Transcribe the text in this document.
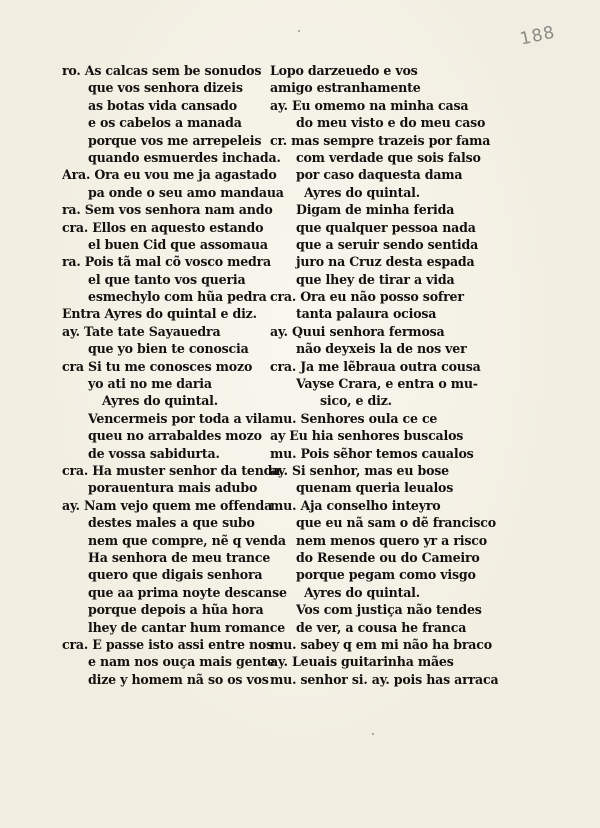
188
ro. As calcas sem be sonudos
que vos senhora dizeis
as botas vida cansado
e os cabelos a manada
porque vos me arrepeleis
quando esmuerdes inchada.
Ara. Ora eu vou me ja agastado
pa onde o seu amo mandaua
ra. Sem vos senhora nam ando
cra. Ellos en aquesto estando
el buen Cid que assomaua
ra. Pois tã mal cõ vosco medra
el que tanto vos queria
esmechylo com hũa pedra
Entra Ayres do quintal e diz.
ay. Tate tate Sayauedra
que yo bien te conoscia
cra Si tu me conosces mozo
yo ati no me daria
Ayres do quintal.
Vencermeis por toda a vila
queu no arrabaldes mozo
de vossa sabidurta.
cra. Ha muster senhor da tenda
porauentura mais adubo
ay. Nam vejo quem me offenda
destes males a que subo
nem que compre, nẽ q venda
Ha senhora de meu trance
quero que digais senhora
que aa prima noyte descanse
porque depois a hũa hora
lhey de cantar hum romance
cra. E passe isto assi entre nos
e nam nos ouça mais gente
dize y homem nã so os vos
Lopo darzeuedo e vos
amigo estranhamente
ay. Eu omemo na minha casa
do meu visto e do meu caso
cr. mas sempre trazeis por fama
com verdade que sois falso
por caso daquesta dama
Ayres do quintal.
Digam de minha ferida
que qualquer pessoa nada
que a seruir sendo sentida
juro na Cruz desta espada
que lhey de tirar a vida
cra. Ora eu não posso sofrer
tanta palaura ociosa
ay. Quui senhora fermosa
não deyxeis la de nos ver
cra. Ja me lẽbraua outra cousa
Vayse Crara, e entra o mu-
sico, e diz.
mu. Senhores oula ce ce
ay Eu hia senhores buscalos
mu. Pois sẽhor temos caualos
ay. Si senhor, mas eu bose
quenam queria leualos
mu. Aja conselho inteyro
que eu nã sam o dẽ francisco
nem menos quero yr a risco
do Resende ou do Cameiro
porque pegam como visgo
Ayres do quintal.
Vos com justiça não tendes
de ver, a cousa he franca
mu. sabey q em mi não ha braco
ay. Leuais guitarinha mães
mu. senhor si. ay. pois has arraca
